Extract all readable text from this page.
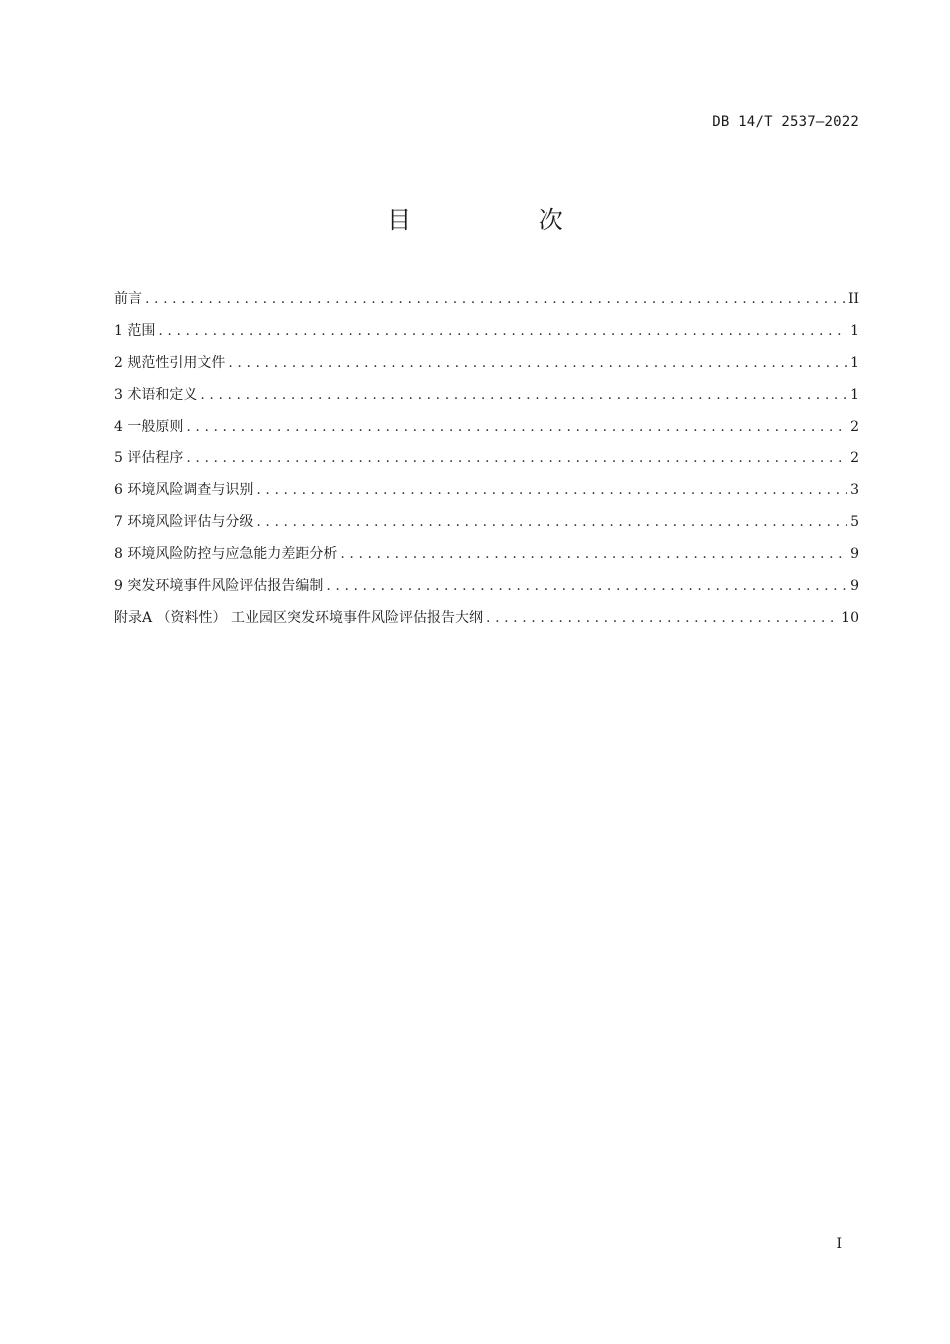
DB 14/T 2537—2022
目 次
前言 .....	II
1 范围 .....	1
2 规范性引用文件 .....	1
3 术语和定义 .....	1
4 一般原则 .....	2
5 评估程序 .....	2
6 环境风险调查与识别 .....	3
7 环境风险评估与分级 .....	5
8 环境风险防控与应急能力差距分析 .....	9
9 突发环境事件风险评估报告编制 .....	9
附录A （资料性） 工业园区突发环境事件风险评估报告大纲 .....	10
I
